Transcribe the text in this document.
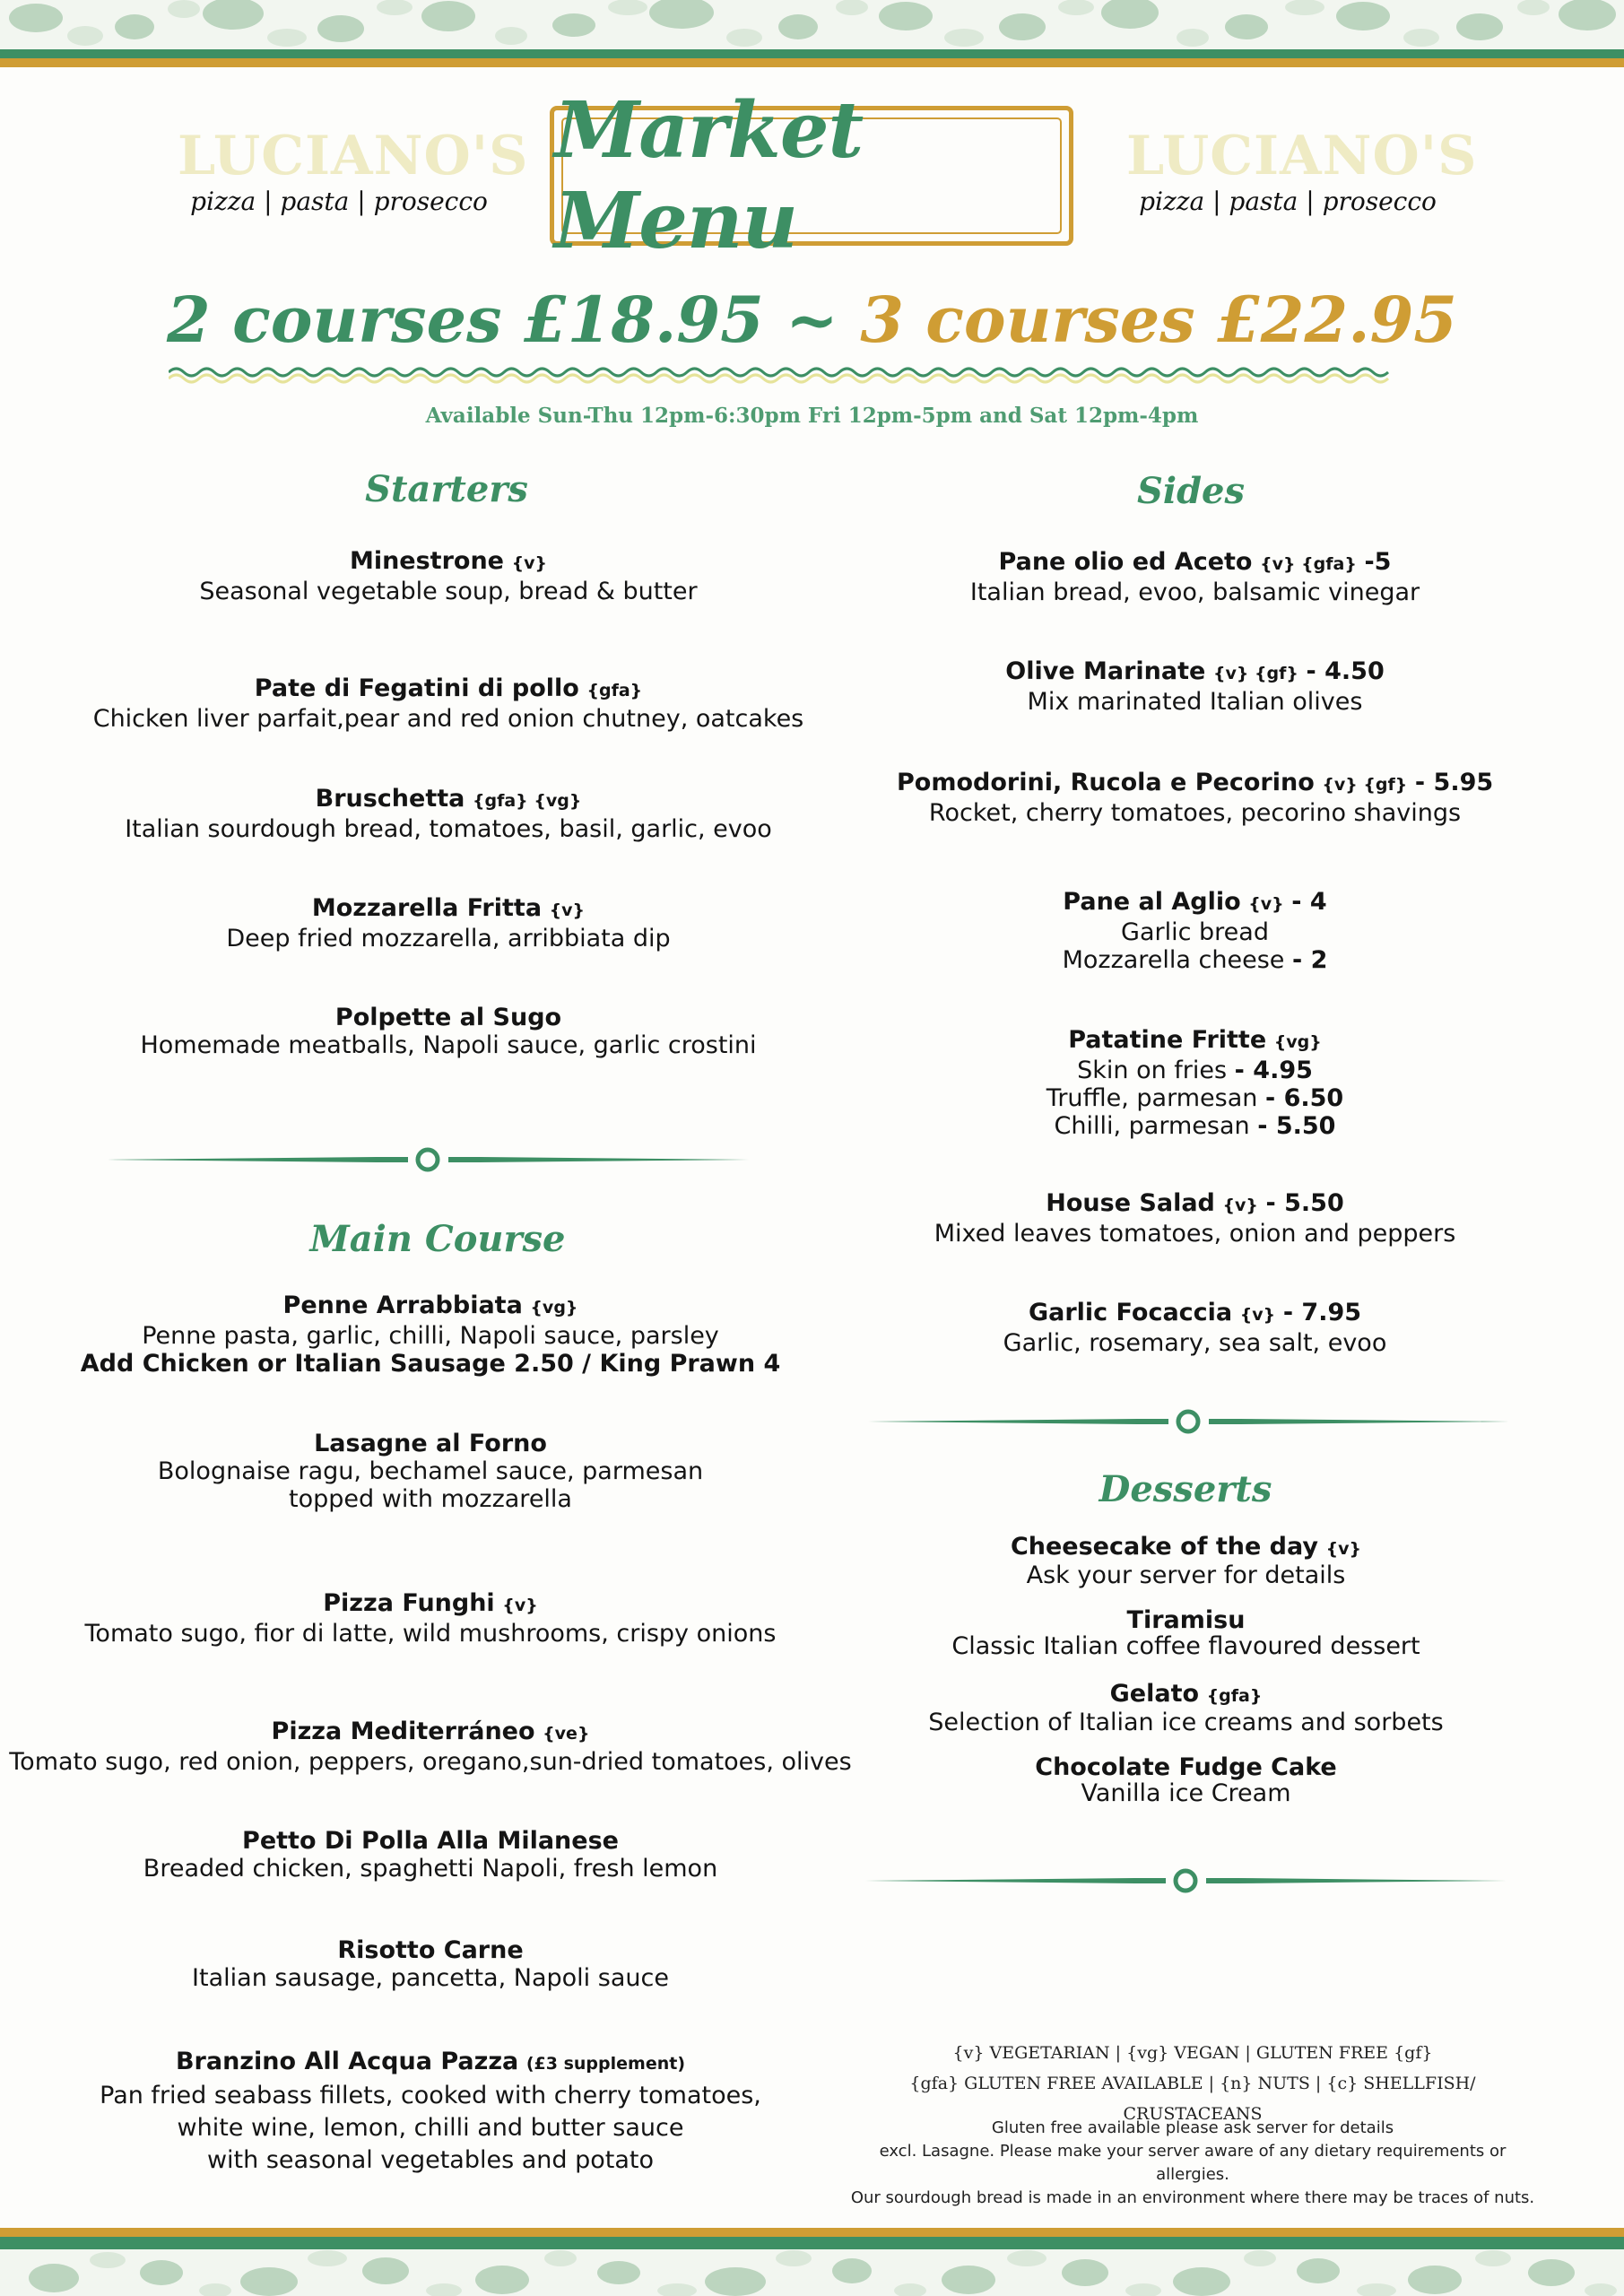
LUCIANO'S
pizza | pasta | prosecco
LUCIANO'S
pizza | pasta | prosecco
Market Menu
2 courses £18.95 ~ 3 courses £22.95
Available Sun-Thu 12pm-6:30pm Fri 12pm-5pm and Sat 12pm-4pm
Starters
Minestrone {v}
Seasonal vegetable soup, bread & butter
Pate di Fegatini di pollo {gfa}
Chicken liver parfait,pear and red onion chutney, oatcakes
Bruschetta {gfa} {vg}
Italian sourdough bread, tomatoes, basil, garlic, evoo
Mozzarella Fritta {v}
Deep fried mozzarella, arribbiata dip
Polpette al Sugo
Homemade meatballs, Napoli sauce, garlic crostini
Main Course
Penne Arrabbiata {vg}
Penne pasta, garlic, chilli, Napoli sauce, parsley
Add Chicken or Italian Sausage 2.50 / King Prawn 4
Lasagne al Forno
Bolognaise ragu, bechamel sauce, parmesan
topped with mozzarella
Pizza Funghi {v}
Tomato sugo, fior di latte, wild mushrooms, crispy onions
Pizza Mediterráneo {ve}
Tomato sugo, red onion, peppers, oregano,sun-dried tomatoes, olives
Petto Di Polla Alla Milanese
Breaded chicken, spaghetti Napoli, fresh lemon
Risotto Carne
Italian sausage, pancetta, Napoli sauce
Branzino All Acqua Pazza (£3 supplement)
Pan fried seabass fillets, cooked with cherry tomatoes,
white wine, lemon, chilli and butter sauce
with seasonal vegetables and potato
Sides
Pane olio ed Aceto {v} {gfa} -5
Italian bread, evoo, balsamic vinegar
Olive Marinate {v} {gf} - 4.50
Mix marinated Italian olives
Pomodorini, Rucola e Pecorino {v} {gf} - 5.95
Rocket, cherry tomatoes, pecorino shavings
Pane al Aglio {v} - 4
Garlic bread
Mozzarella cheese - 2
Patatine Fritte {vg}
Skin on fries - 4.95
Truffle, parmesan - 6.50
Chilli, parmesan - 5.50
House Salad {v} - 5.50
Mixed leaves tomatoes, onion and peppers
Garlic Focaccia {v} - 7.95
Garlic, rosemary, sea salt, evoo
Desserts
Cheesecake of the day {v}
Ask your server for details
Tiramisu
Classic Italian coffee flavoured dessert
Gelato {gfa}
Selection of Italian ice creams and sorbets
Chocolate Fudge Cake
Vanilla ice Cream
{v} VEGETARIAN | {vg} VEGAN | GLUTEN FREE {gf}
{gfa} GLUTEN FREE AVAILABLE | {n} NUTS | {c} SHELLFISH/ CRUSTACEANS
Gluten free available please ask server for details
excl. Lasagne. Please make your server aware of any dietary requirements or allergies.
Our sourdough bread is made in an environment where there may be traces of nuts.
